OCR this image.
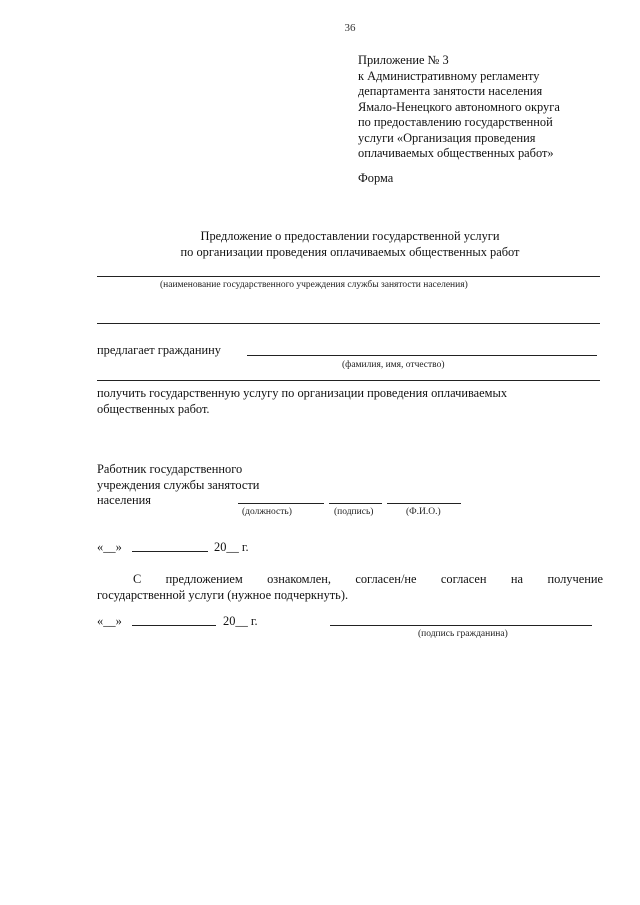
36
Приложение № 3
к Административному регламенту
департамента занятости населения
Ямало-Ненецкого автономного округа
по предоставлению государственной
услуги «Организация проведения
оплачиваемых общественных работ»
Форма
Предложение о предоставлении государственной услуги
по организации проведения оплачиваемых общественных работ
(наименование государственного учреждения службы занятости населения)
предлагает гражданину
(фамилия, имя, отчество)
получить государственную услугу по организации проведения оплачиваемых
общественных работ.
Работник государственного
учреждения службы занятости
населения
(должность)	(подпись)	(Ф.И.О.)
«__»	20__ г.
С предложением ознакомлен, согласен/не согласен на получение
государственной услуги (нужное подчеркнуть).
«__»	20__ г.
(подпись гражданина)
